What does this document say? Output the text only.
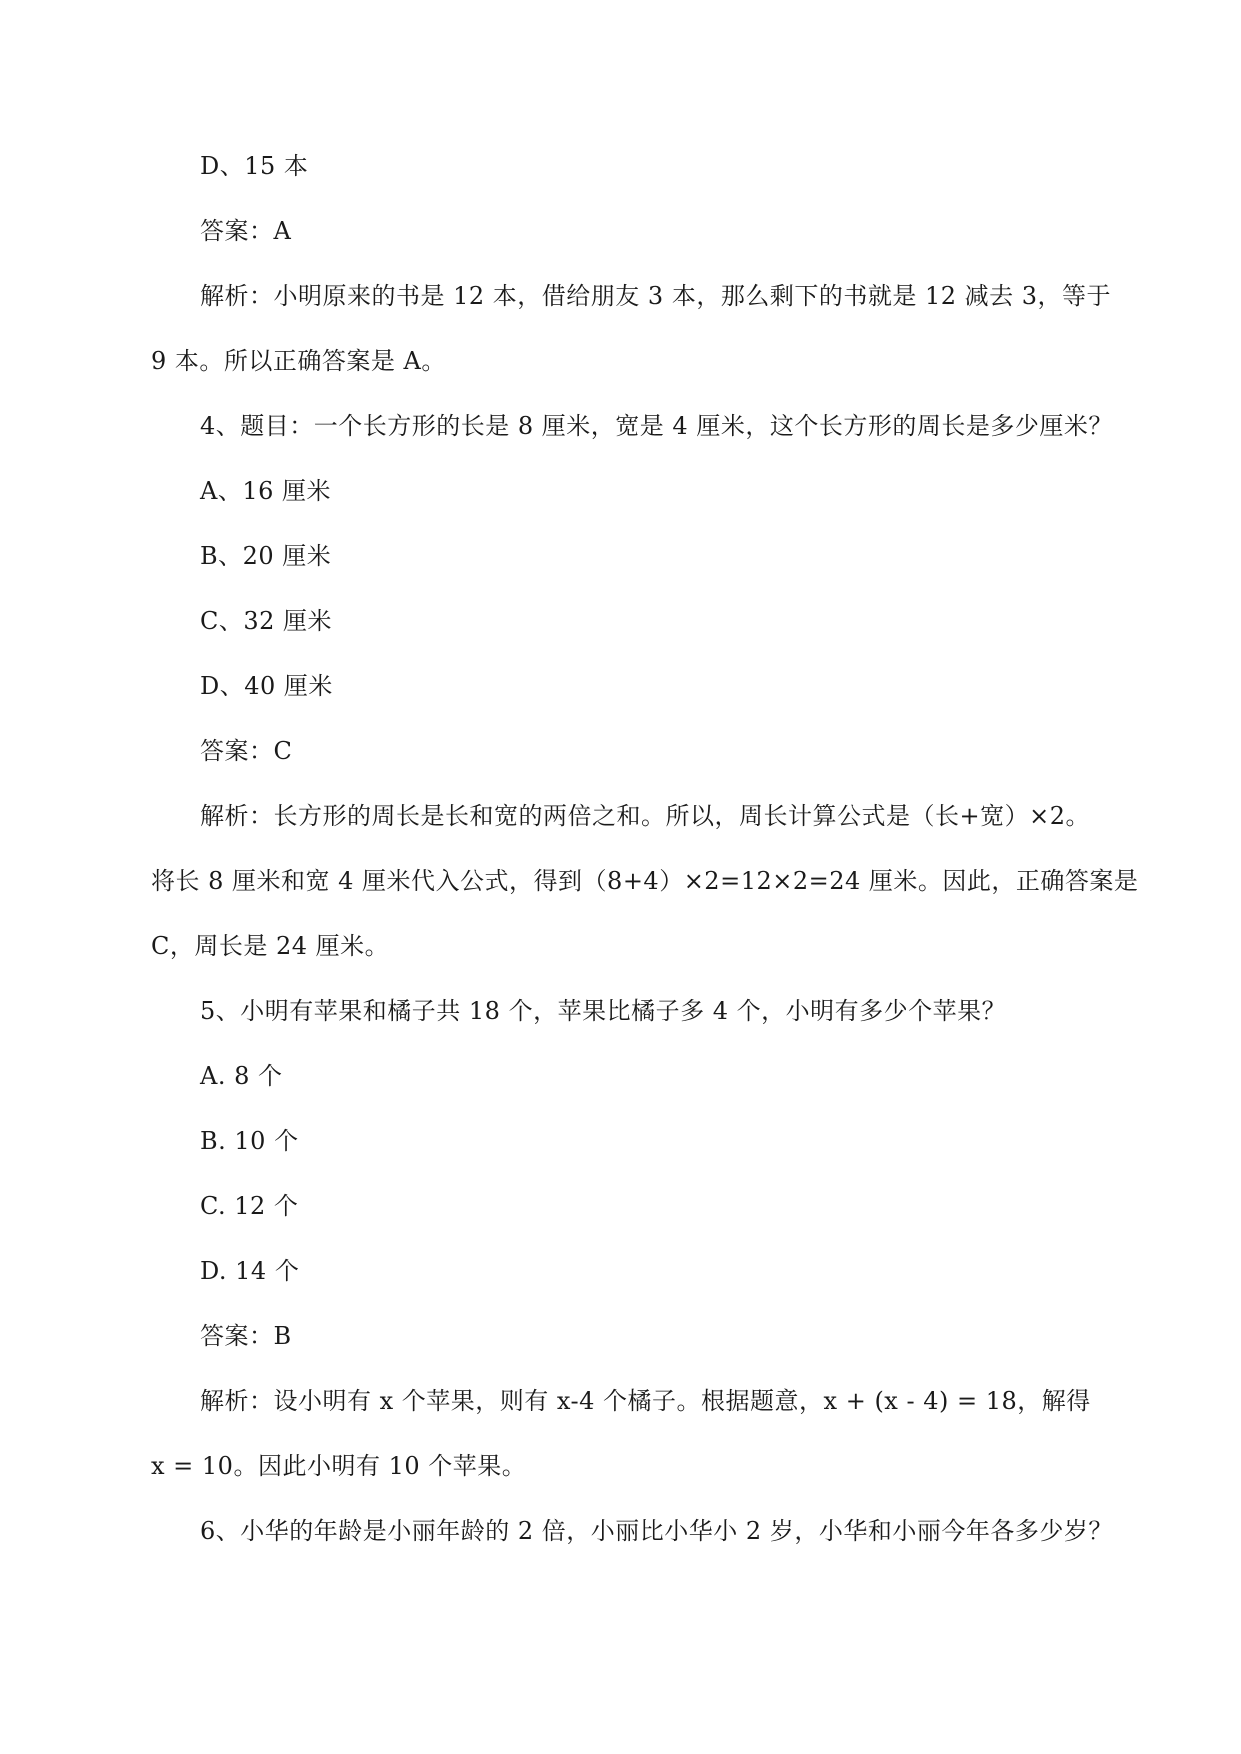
D、15 本
答案：A
解析：小明原来的书是 12 本，借给朋友 3 本，那么剩下的书就是 12 减去 3，等于
9 本。所以正确答案是 A。
4、题目：一个长方形的长是 8 厘米，宽是 4 厘米，这个长方形的周长是多少厘米？
A、16 厘米
B、20 厘米
C、32 厘米
D、40 厘米
答案：C
解析：长方形的周长是长和宽的两倍之和。所以，周长计算公式是（长+宽）×2。
将长 8 厘米和宽 4 厘米代入公式，得到（8+4）×2=12×2=24 厘米。因此，正确答案是
C，周长是 24 厘米。
5、小明有苹果和橘子共 18 个，苹果比橘子多 4 个，小明有多少个苹果？
A. 8 个
B. 10 个
C. 12 个
D. 14 个
答案：B
解析：设小明有 x 个苹果，则有 x-4 个橘子。根据题意，x + (x - 4) = 18，解得
x = 10。因此小明有 10 个苹果。
6、小华的年龄是小丽年龄的 2 倍，小丽比小华小 2 岁，小华和小丽今年各多少岁？
